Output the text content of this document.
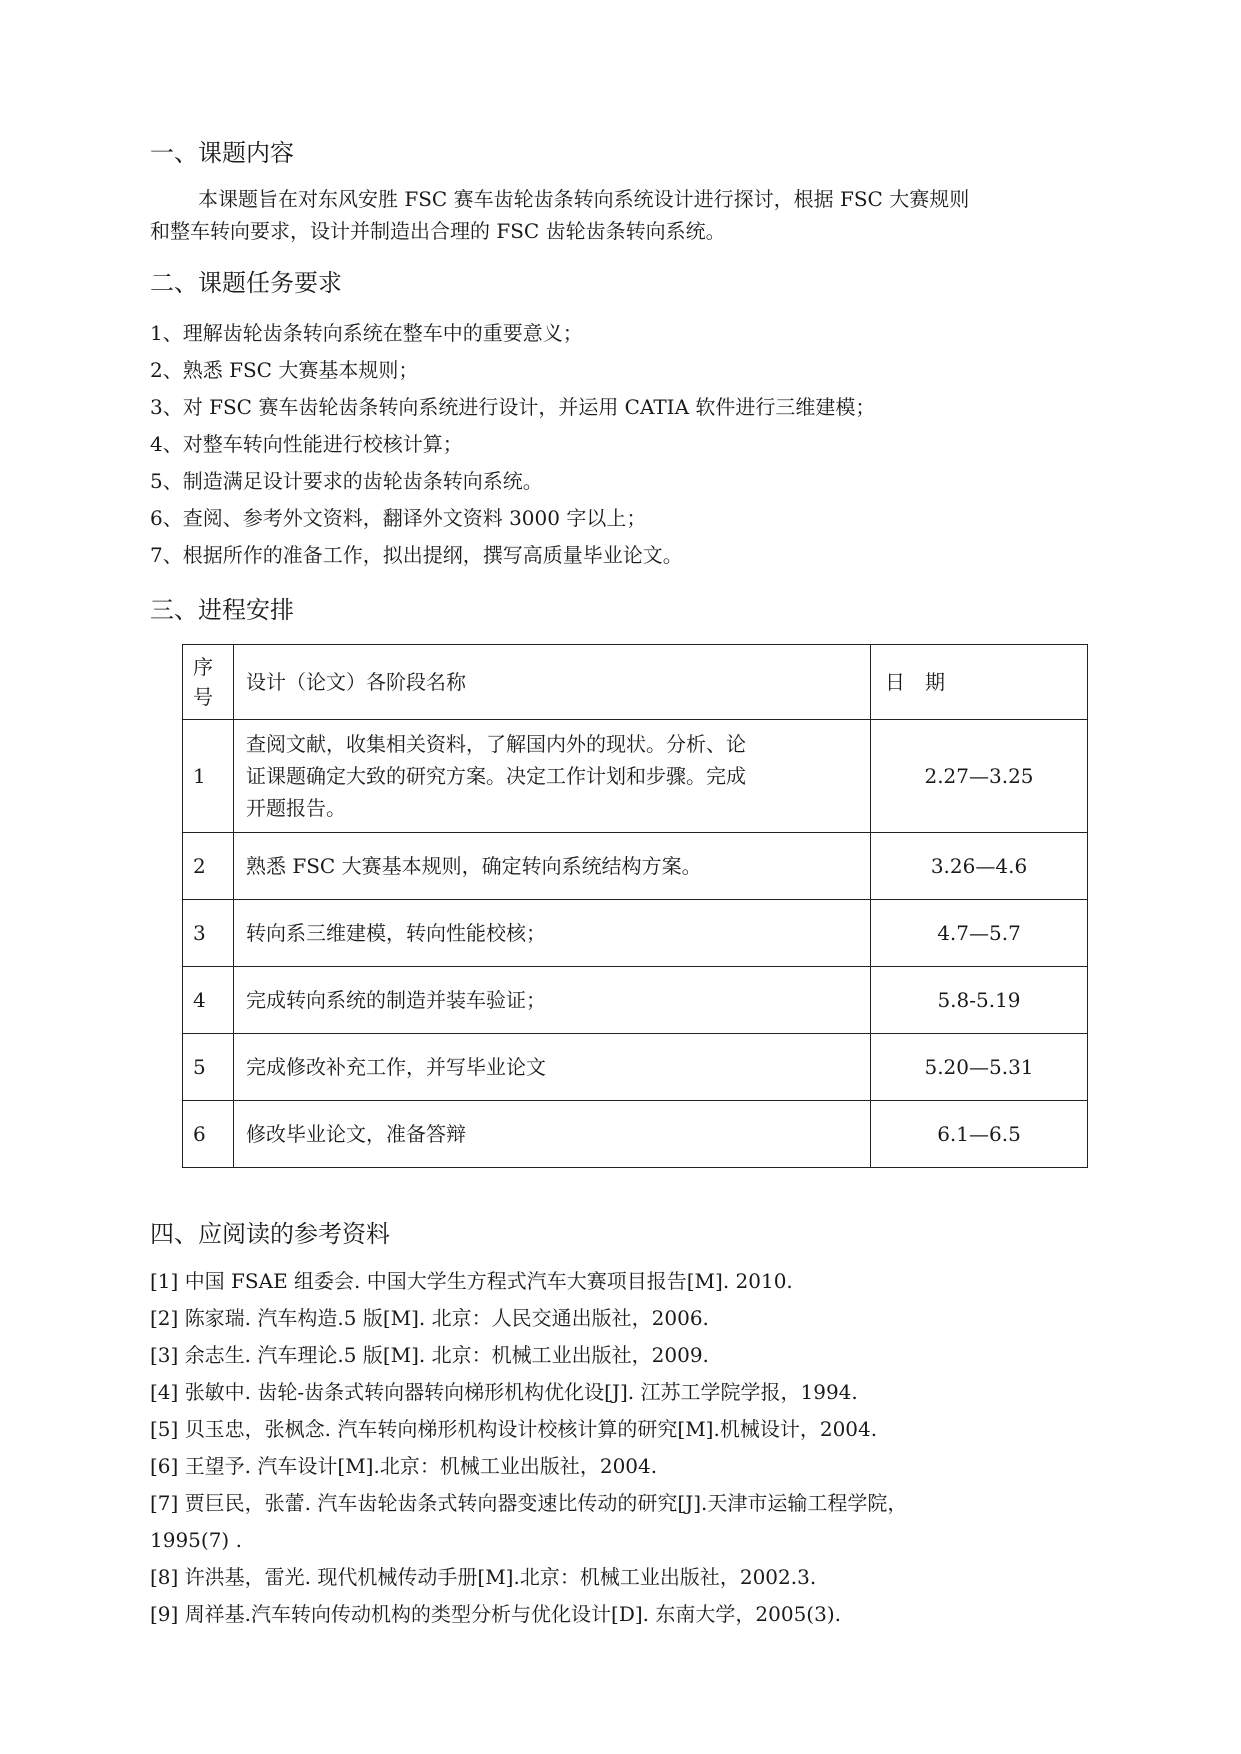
一、课题内容
本课题旨在对东风安胜 FSC 赛车齿轮齿条转向系统设计进行探讨，根据 FSC 大赛规则
和整车转向要求，设计并制造出合理的 FSC 齿轮齿条转向系统。
二、课题任务要求
1、理解齿轮齿条转向系统在整车中的重要意义；
2、熟悉 FSC 大赛基本规则；
3、对 FSC 赛车齿轮齿条转向系统进行设计，并运用 CATIA 软件进行三维建模；
4、对整车转向性能进行校核计算；
5、制造满足设计要求的齿轮齿条转向系统。
6、查阅、参考外文资料，翻译外文资料 3000 字以上；
7、根据所作的准备工作，拟出提纲，撰写高质量毕业论文。
三、进程安排
序
号	设计（论文）各阶段名称	日　期
1	查阅文献，收集相关资料，了解国内外的现状。分析、论
证课题确定大致的研究方案。决定工作计划和步骤。完成
开题报告。	2.27—3.25
2	熟悉 FSC 大赛基本规则，确定转向系统结构方案。	3.26—4.6
3	转向系三维建模，转向性能校核；	4.7—5.7
4	完成转向系统的制造并装车验证；	5.8-5.19
5	完成修改补充工作，并写毕业论文	5.20—5.31
6	修改毕业论文，准备答辩	6.1—6.5
四、应阅读的参考资料
[1] 中国 FSAE 组委会. 中国大学生方程式汽车大赛项目报告[M]. 2010.
[2] 陈家瑞. 汽车构造.5 版[M]. 北京：人民交通出版社，2006.
[3] 余志生. 汽车理论.5 版[M]. 北京：机械工业出版社，2009.
[4] 张敏中. 齿轮-齿条式转向器转向梯形机构优化设[J]. 江苏工学院学报，1994.
[5] 贝玉忠，张枫念. 汽车转向梯形机构设计校核计算的研究[M].机械设计，2004.
[6] 王望予. 汽车设计[M].北京：机械工业出版社，2004.
[7] 贾巨民，张蕾. 汽车齿轮齿条式转向器变速比传动的研究[J].天津市运输工程学院，
1995(7) .
[8] 许洪基，雷光. 现代机械传动手册[M].北京：机械工业出版社，2002.3.
[9] 周祥基.汽车转向传动机构的类型分析与优化设计[D]. 东南大学，2005(3).
